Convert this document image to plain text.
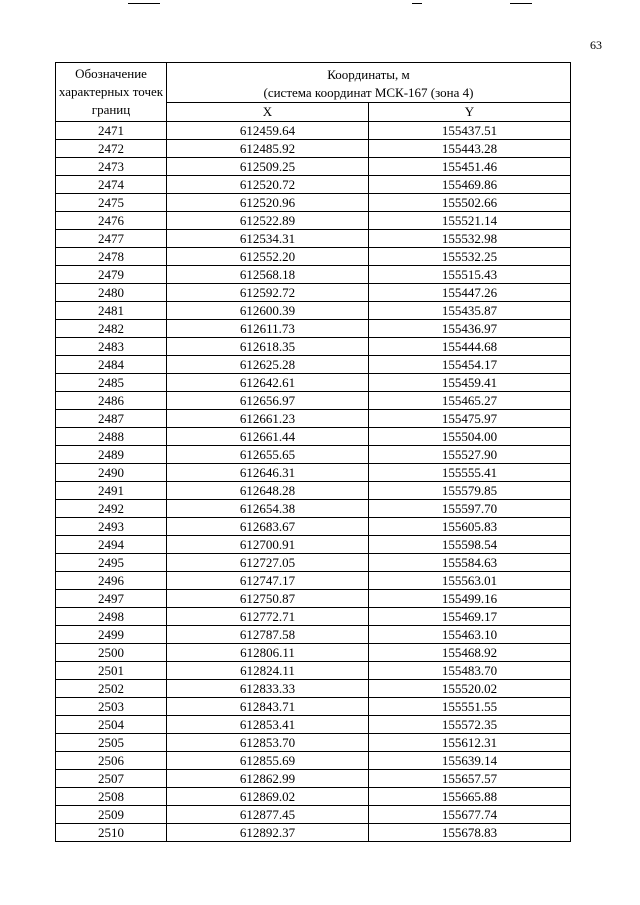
63
Обозначение характерных точек границ	Координаты, м
(система координат МСК-167 (зона 4)	

	X	Y
2471	612459.64	155437.51
2472	612485.92	155443.28
2473	612509.25	155451.46
2474	612520.72	155469.86
2475	612520.96	155502.66
2476	612522.89	155521.14
2477	612534.31	155532.98
2478	612552.20	155532.25
2479	612568.18	155515.43
2480	612592.72	155447.26
2481	612600.39	155435.87
2482	612611.73	155436.97
2483	612618.35	155444.68
2484	612625.28	155454.17
2485	612642.61	155459.41
2486	612656.97	155465.27
2487	612661.23	155475.97
2488	612661.44	155504.00
2489	612655.65	155527.90
2490	612646.31	155555.41
2491	612648.28	155579.85
2492	612654.38	155597.70
2493	612683.67	155605.83
2494	612700.91	155598.54
2495	612727.05	155584.63
2496	612747.17	155563.01
2497	612750.87	155499.16
2498	612772.71	155469.17
2499	612787.58	155463.10
2500	612806.11	155468.92
2501	612824.11	155483.70
2502	612833.33	155520.02
2503	612843.71	155551.55
2504	612853.41	155572.35
2505	612853.70	155612.31
2506	612855.69	155639.14
2507	612862.99	155657.57
2508	612869.02	155665.88
2509	612877.45	155677.74
2510	612892.37	155678.83
